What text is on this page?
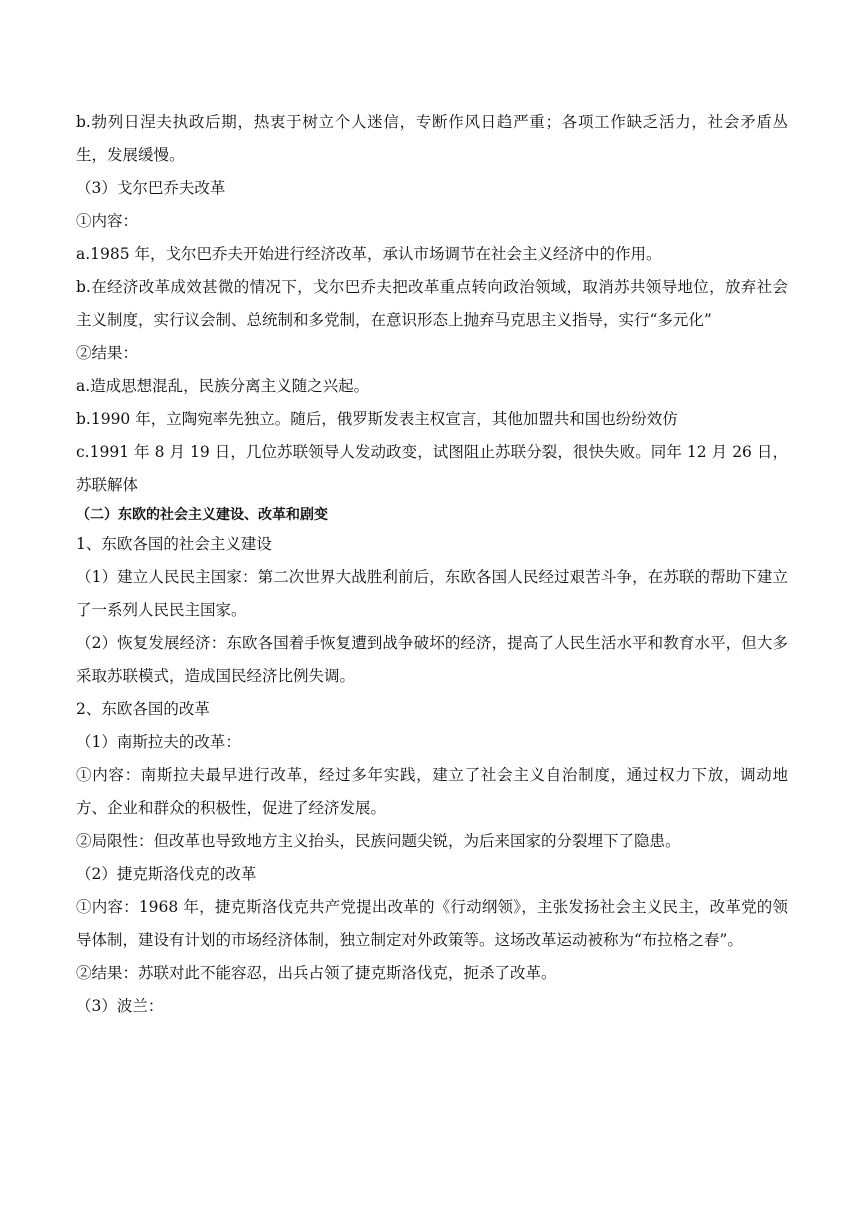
b.勃列日涅夫执政后期，热衷于树立个人迷信，专断作风日趋严重；各项工作缺乏活力，社会矛盾丛生，发展缓慢。

（3）戈尔巴乔夫改革

①内容：

a.1985 年，戈尔巴乔夫开始进行经济改革，承认市场调节在社会主义经济中的作用。

b.在经济改革成效甚微的情况下，戈尔巴乔夫把改革重点转向政治领域，取消苏共领导地位，放弃社会主义制度，实行议会制、总统制和多党制，在意识形态上抛弃马克思主义指导，实行“多元化”

②结果：

a.造成思想混乱，民族分离主义随之兴起。

b.1990 年，立陶宛率先独立。随后，俄罗斯发表主权宣言，其他加盟共和国也纷纷效仿

c.1991 年 8 月 19 日，几位苏联领导人发动政变，试图阻止苏联分裂，很快失败。同年 12 月 26 日，苏联解体

（二）东欧的社会主义建设、改革和剧变

1、东欧各国的社会主义建设

（1）建立人民民主国家：第二次世界大战胜利前后，东欧各国人民经过艰苦斗争，在苏联的帮助下建立了一系列人民民主国家。

（2）恢复发展经济：东欧各国着手恢复遭到战争破坏的经济，提高了人民生活水平和教育水平，但大多采取苏联模式，造成国民经济比例失调。

2、东欧各国的改革

（1）南斯拉夫的改革：

①内容：南斯拉夫最早进行改革，经过多年实践，建立了社会主义自治制度，通过权力下放，调动地方、企业和群众的积极性，促进了经济发展。

②局限性：但改革也导致地方主义抬头，民族问题尖锐，为后来国家的分裂埋下了隐患。

（2）捷克斯洛伐克的改革

①内容：1968 年，捷克斯洛伐克共产党提出改革的《行动纲领》，主张发扬社会主义民主，改革党的领导体制，建设有计划的市场经济体制，独立制定对外政策等。这场改革运动被称为“布拉格之春”。

②结果：苏联对此不能容忍，出兵占领了捷克斯洛伐克，扼杀了改革。

（3）波兰：
